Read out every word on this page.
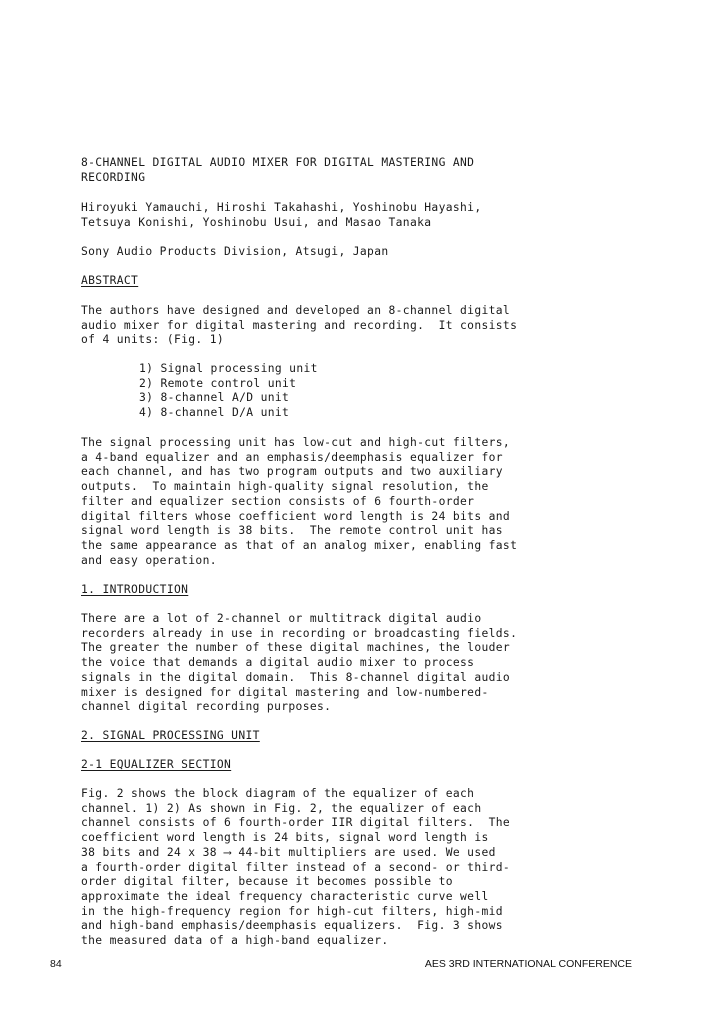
8-CHANNEL DIGITAL AUDIO MIXER FOR DIGITAL MASTERING AND
RECORDING
Hiroyuki Yamauchi, Hiroshi Takahashi, Yoshinobu Hayashi,
Tetsuya Konishi, Yoshinobu Usui, and Masao Tanaka
Sony Audio Products Division, Atsugi, Japan
ABSTRACT
The authors have designed and developed an 8-channel digital
audio mixer for digital mastering and recording.  It consists
of 4 units: (Fig. 1)
1) Signal processing unit
2) Remote control unit
3) 8-channel A/D unit
4) 8-channel D/A unit
The signal processing unit has low-cut and high-cut filters,
a 4-band equalizer and an emphasis/deemphasis equalizer for
each channel, and has two program outputs and two auxiliary
outputs.  To maintain high-quality signal resolution, the
filter and equalizer section consists of 6 fourth-order
digital filters whose coefficient word length is 24 bits and
signal word length is 38 bits.  The remote control unit has
the same appearance as that of an analog mixer, enabling fast
and easy operation.
1. INTRODUCTION
There are a lot of 2-channel or multitrack digital audio
recorders already in use in recording or broadcasting fields.
The greater the number of these digital machines, the louder
the voice that demands a digital audio mixer to process
signals in the digital domain.  This 8-channel digital audio
mixer is designed for digital mastering and low-numbered-
channel digital recording purposes.
2. SIGNAL PROCESSING UNIT
2-1 EQUALIZER SECTION
Fig. 2 shows the block diagram of the equalizer of each
channel. 1) 2) As shown in Fig. 2, the equalizer of each
channel consists of 6 fourth-order IIR digital filters.  The
coefficient word length is 24 bits, signal word length is
38 bits and 24 x 38 ⟶ 44-bit multipliers are used. We used
a fourth-order digital filter instead of a second- or third-
order digital filter, because it becomes possible to
approximate the ideal frequency characteristic curve well
in the high-frequency region for high-cut filters, high-mid
and high-band emphasis/deemphasis equalizers.  Fig. 3 shows
the measured data of a high-band equalizer.
84	AES 3RD INTERNATIONAL CONFERENCE
